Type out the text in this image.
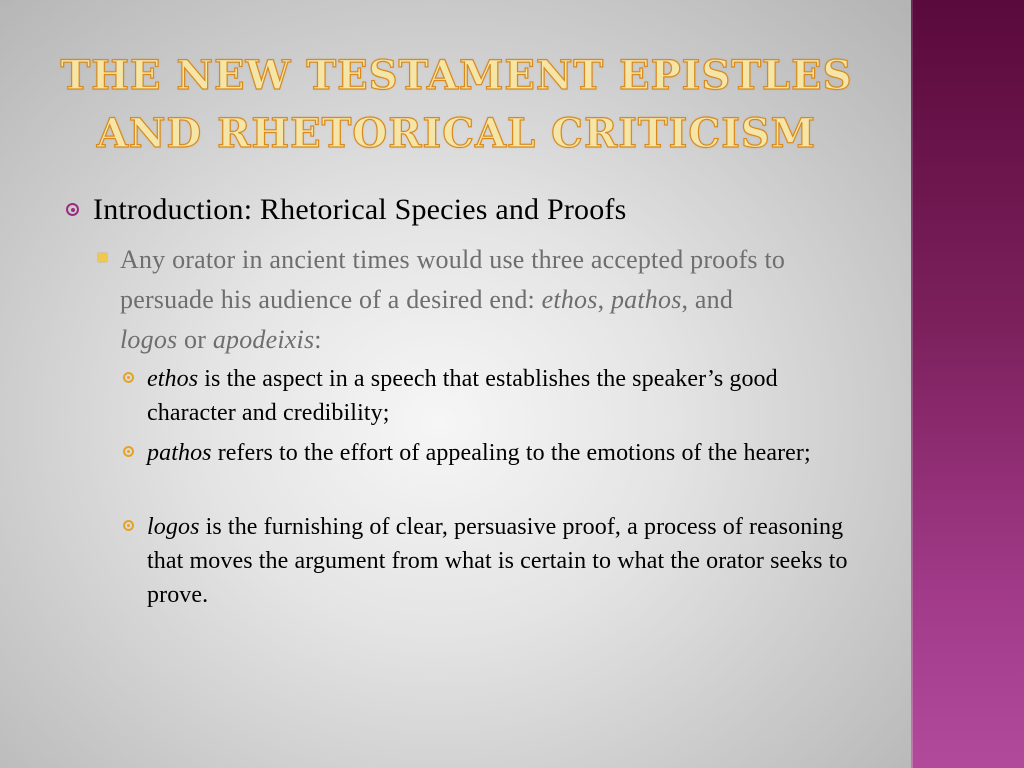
THE NEW TESTAMENT EPISTLES
AND RHETORICAL CRITICISM
Introduction: Rhetorical Species and Proofs
Any orator in ancient times would use three accepted proofs to persuade his audience of a desired end: ethos, pathos, and logos or apodeixis:
ethos is the aspect in a speech that establishes the speaker’s good character and credibility;
pathos refers to the effort of appealing to the emotions of the hearer;
logos is the furnishing of clear, persuasive proof, a process of reasoning that moves the argument from what is certain to what the orator seeks to prove.
